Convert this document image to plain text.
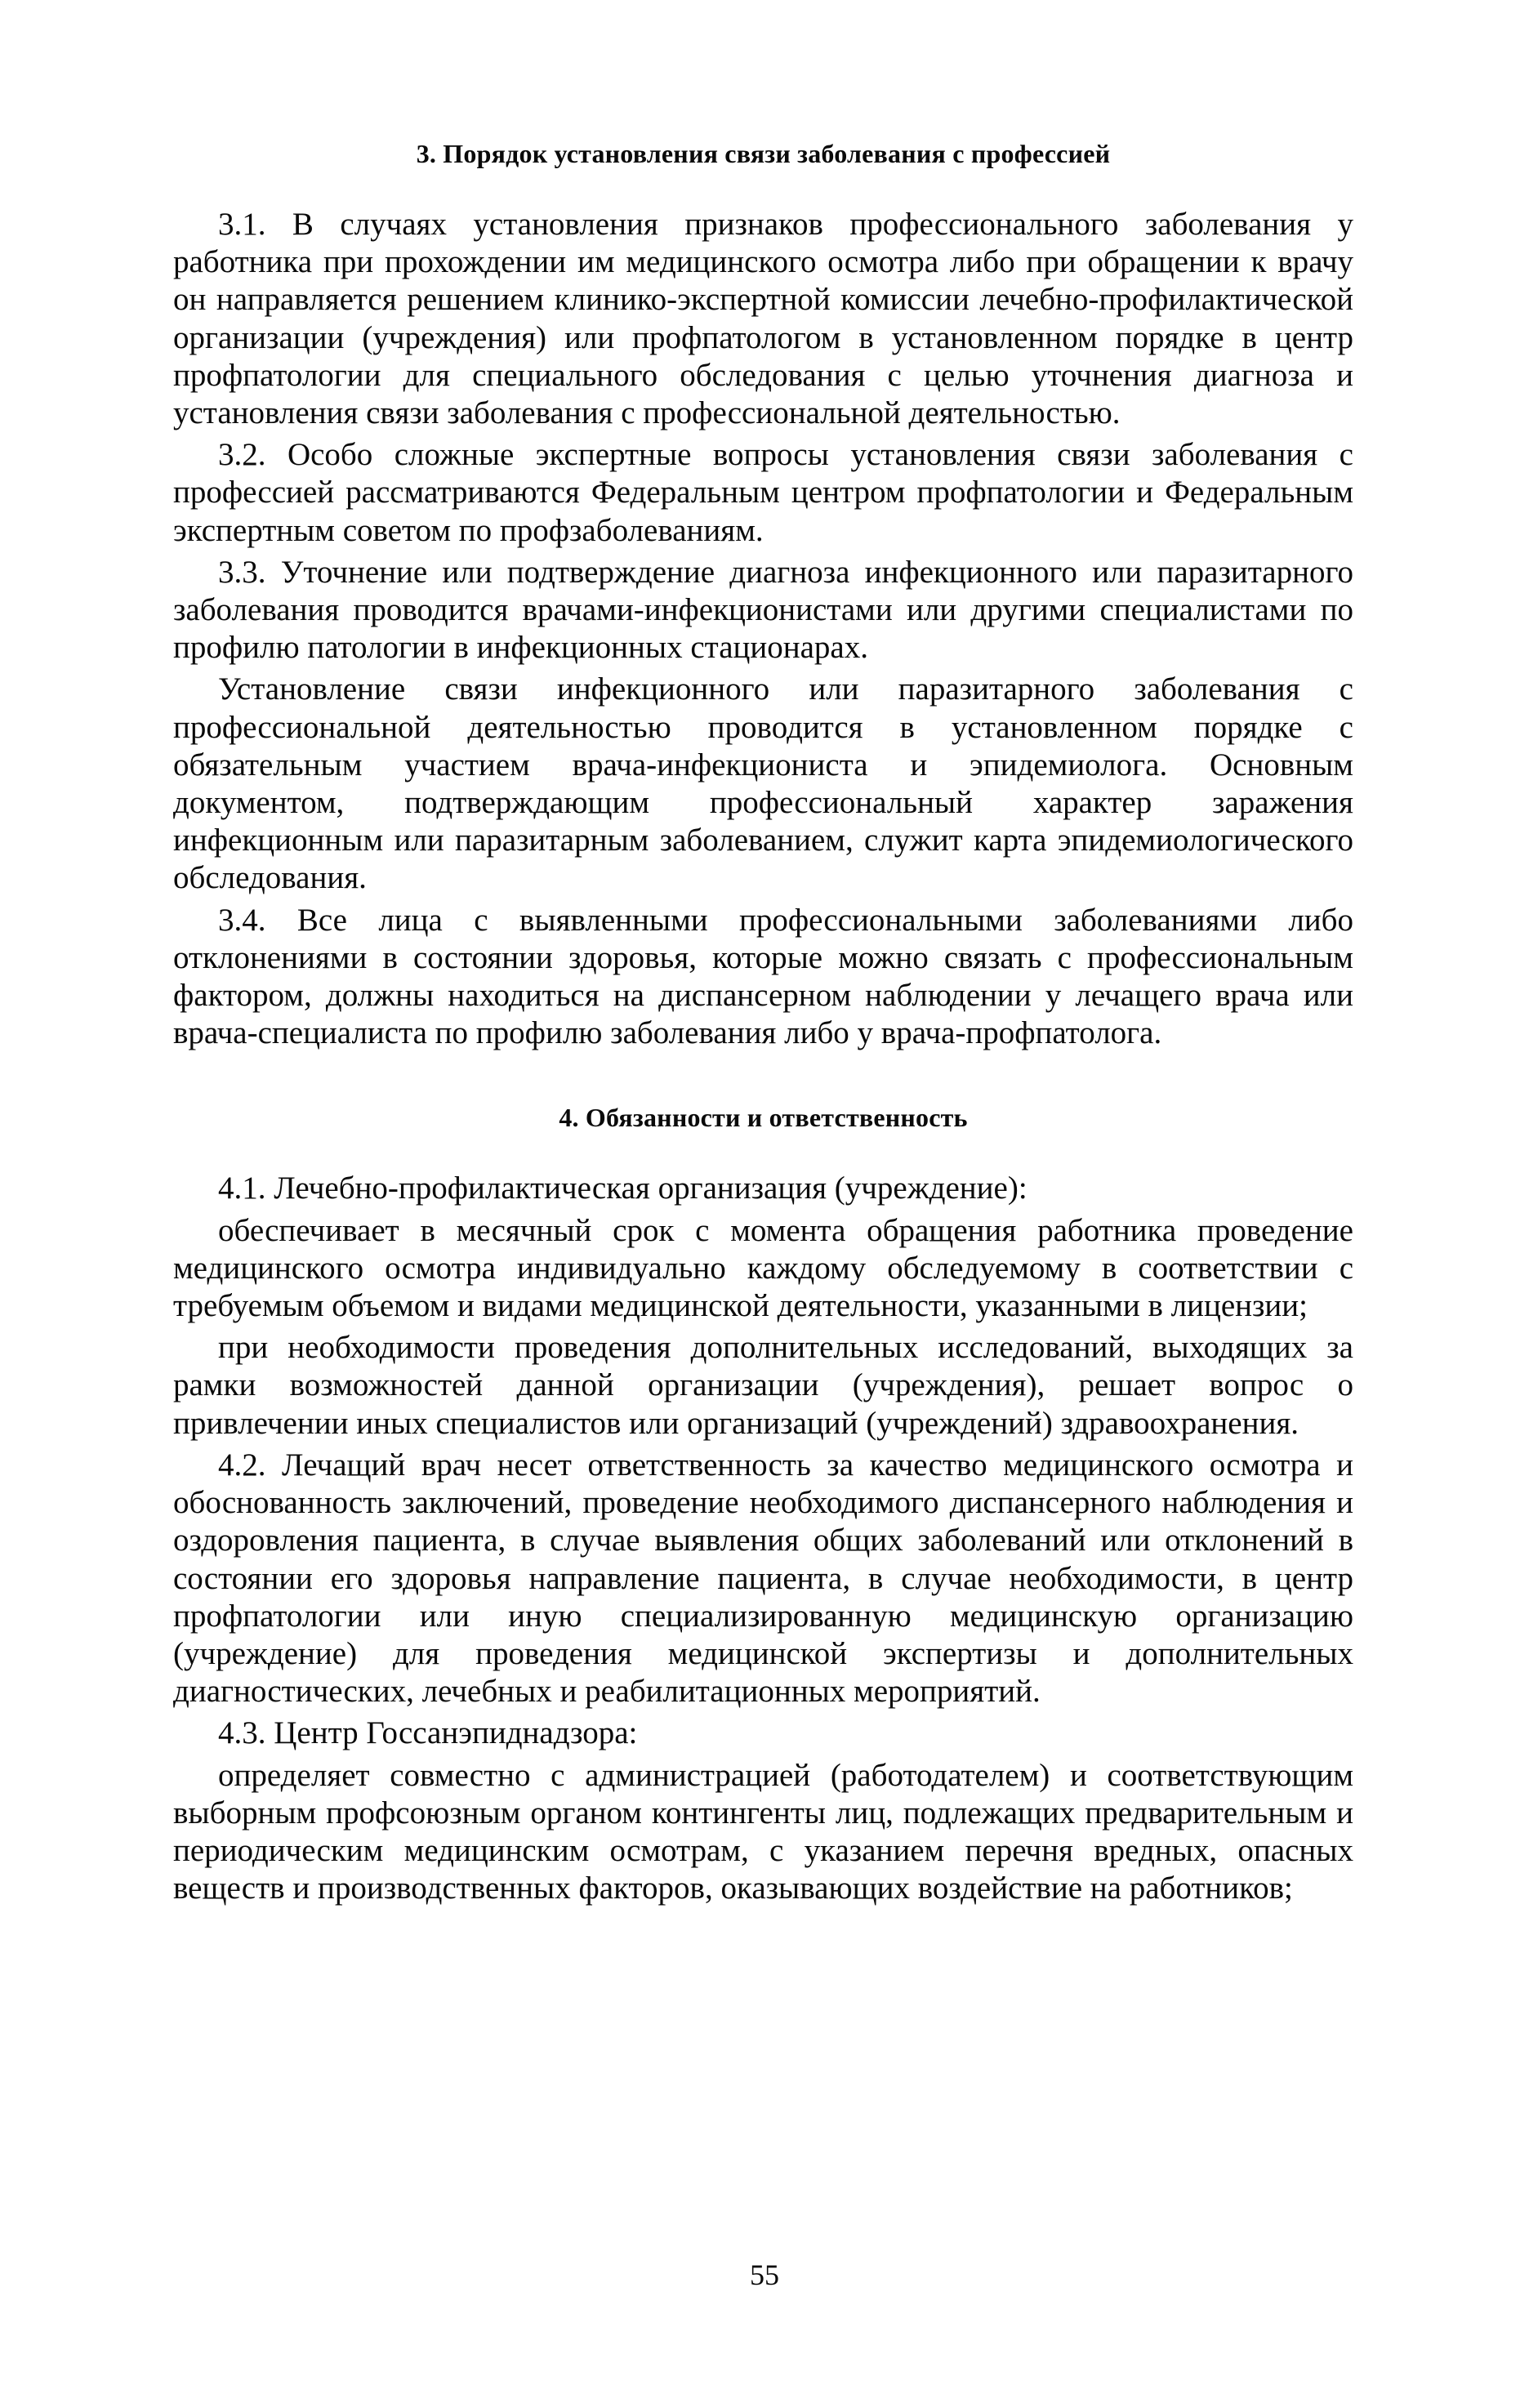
3. Порядок установления связи заболевания с профессией

3.1. В случаях установления признаков профессионального заболевания у работника при прохождении им медицинского осмотра либо при обращении к врачу он направляется решением клинико-экспертной комиссии лечебно-профилактической организации (учреждения) или профпатологом в установленном порядке в центр профпатологии для специального обследования с целью уточнения диагноза и установления связи заболевания с профессиональной деятельностью.

3.2. Особо сложные экспертные вопросы установления связи заболевания с профессией рассматриваются Федеральным центром профпатологии и Федеральным экспертным советом по профзаболеваниям.

3.3. Уточнение или подтверждение диагноза инфекционного или паразитарного заболевания проводится врачами-инфекционистами или другими специалистами по профилю патологии в инфекционных стационарах.

Установление связи инфекционного или паразитарного заболевания с профессиональной деятельностью проводится в установленном порядке с обязательным участием врача-инфекциониста и эпидемиолога. Основным документом, подтверждающим профессиональный характер заражения инфекционным или паразитарным заболеванием, служит карта эпидемиологического обследования.

3.4. Все лица с выявленными профессиональными заболеваниями либо отклонениями в состоянии здоровья, которые можно связать с профессиональным фактором, должны находиться на диспансерном наблюдении у лечащего врача или врача-специалиста по профилю заболевания либо у врача-профпатолога.

4. Обязанности и ответственность

4.1. Лечебно-профилактическая организация (учреждение):

обеспечивает в месячный срок с момента обращения работника проведение медицинского осмотра индивидуально каждому обследуемому в соответствии с требуемым объемом и видами медицинской деятельности, указанными в лицензии;

при необходимости проведения дополнительных исследований, выходящих за рамки возможностей данной организации (учреждения), решает вопрос о привлечении иных специалистов или организаций (учреждений) здравоохранения.

4.2. Лечащий врач несет ответственность за качество медицинского осмотра и обоснованность заключений, проведение необходимого диспансерного наблюдения и оздоровления пациента, в случае выявления общих заболеваний или отклонений в состоянии его здоровья направление пациента, в случае необходимости, в центр профпатологии или иную специализированную медицинскую организацию (учреждение) для проведения медицинской экспертизы и дополнительных диагностических, лечебных и реабилитационных мероприятий.

4.3. Центр Госсанэпиднадзора:

определяет совместно с администрацией (работодателем) и соответствующим выборным профсоюзным органом контингенты лиц, подлежащих предварительным и периодическим медицинским осмотрам, с указанием перечня вредных, опасных веществ и производственных факторов, оказывающих воздействие на работников;

55
